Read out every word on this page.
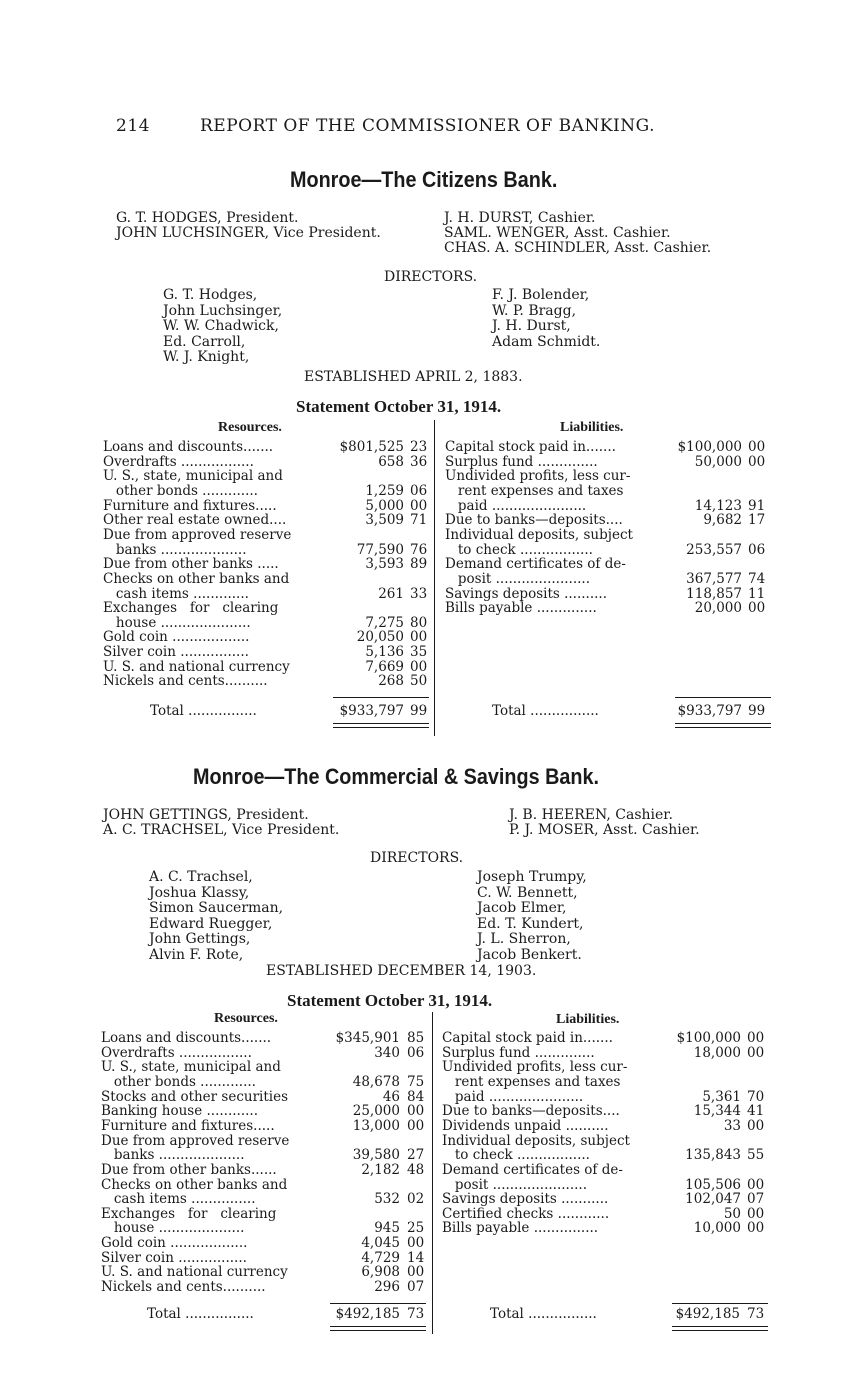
214	REPORT OF THE COMMISSIONER OF BANKING.
Monroe—The Citizens Bank.
G. T. HODGES, President.
JOHN LUCHSINGER, Vice President.
J. H. DURST, Cashier.
SAML. WENGER, Asst. Cashier.
CHAS. A. SCHINDLER, Asst. Cashier.
DIRECTORS.
G. T. Hodges,
John Luchsinger,
W. W. Chadwick,
Ed. Carroll,
W. J. Knight,
F. J. Bolender,
W. P. Bragg,
J. H. Durst,
Adam Schmidt.
ESTABLISHED APRIL 2, 1883.
Statement October 31, 1914.
Resources.	Liabilities.
Loans and discounts.......	$801,525 23
Overdrafts .................	658 36
U. S., state, municipal and
other bonds .............	1,259 06
Furniture and fixtures.....	5,000 00
Other real estate owned....	3,509 71
Due from approved reserve
banks ....................	77,590 76
Due from other banks .....	3,593 89
Checks on other banks and
cash items .............	261 33
Exchanges   for   clearing
house .....................	7,275 80
Gold coin ..................	20,050 00
Silver coin ................	5,136 35
U. S. and national currency	7,669 00
Nickels and cents..........	268 50
Capital stock paid in.......	$100,000 00
Surplus fund ..............	50,000 00
Undivided profits, less cur-
rent expenses and taxes
paid ......................	14,123 91
Due to banks—deposits....	9,682 17
Individual deposits, subject
to check .................	253,557 06
Demand certificates of de-
posit ......................	367,577 74
Savings deposits ..........	118,857 11
Bills payable ..............	20,000 00
Total ................	$933,797 99	Total ................	$933,797 99
Monroe—The Commercial & Savings Bank.
JOHN GETTINGS, President.
A. C. TRACHSEL, Vice President.
J. B. HEEREN, Cashier.
P. J. MOSER, Asst. Cashier.
DIRECTORS.
A. C. Trachsel,
Joshua Klassy,
Simon Saucerman,
Edward Ruegger,
John Gettings,
Alvin F. Rote,
Joseph Trumpy,
C. W. Bennett,
Jacob Elmer,
Ed. T. Kundert,
J. L. Sherron,
Jacob Benkert.
ESTABLISHED DECEMBER 14, 1903.
Statement October 31, 1914.
Resources.	Liabilities.
Loans and discounts.......	$345,901 85
Overdrafts .................	340 06
U. S., state, municipal and
other bonds .............	48,678 75
Stocks and other securities	46 84
Banking house ............	25,000 00
Furniture and fixtures.....	13,000 00
Due from approved reserve
banks ....................	39,580 27
Due from other banks......	2,182 48
Checks on other banks and
cash items ...............	532 02
Exchanges   for   clearing
house ....................	945 25
Gold coin ..................	4,045 00
Silver coin ................	4,729 14
U. S. and national currency	6,908 00
Nickels and cents..........	296 07
Capital stock paid in.......	$100,000 00
Surplus fund ..............	18,000 00
Undivided profits, less cur-
rent expenses and taxes
paid ......................	5,361 70
Due to banks—deposits....	15,344 41
Dividends unpaid ..........	33 00
Individual deposits, subject
to check .................	135,843 55
Demand certificates of de-
posit ......................	105,506 00
Savings deposits ...........	102,047 07
Certified checks ............	50 00
Bills payable ...............	10,000 00
Total ................	$492,185 73	Total ................	$492,185 73
